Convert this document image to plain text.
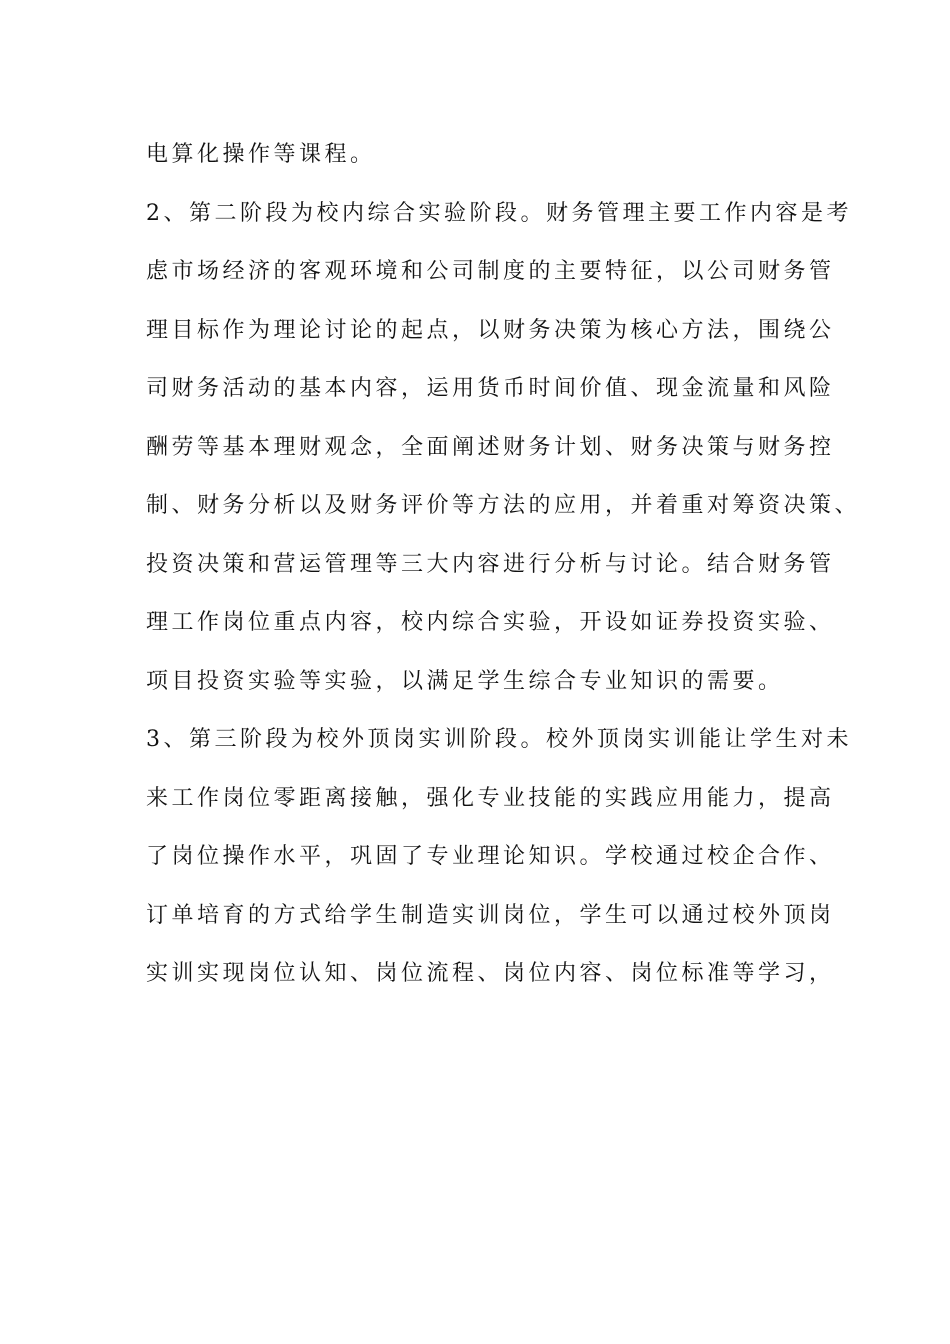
电算化操作等课程。
2、第二阶段为校内综合实验阶段。财务管理主要工作内容是考
虑市场经济的客观环境和公司制度的主要特征，以公司财务管
理目标作为理论讨论的起点，以财务决策为核心方法，围绕公
司财务活动的基本内容，运用货币时间价值、现金流量和风险
酬劳等基本理财观念，全面阐述财务计划、财务决策与财务控
制、财务分析以及财务评价等方法的应用，并着重对筹资决策、
投资决策和营运管理等三大内容进行分析与讨论。结合财务管
理工作岗位重点内容，校内综合实验，开设如证券投资实验、
项目投资实验等实验，以满足学生综合专业知识的需要。
3、第三阶段为校外顶岗实训阶段。校外顶岗实训能让学生对未
来工作岗位零距离接触，强化专业技能的实践应用能力，提高
了岗位操作水平，巩固了专业理论知识。学校通过校企合作、
订单培育的方式给学生制造实训岗位，学生可以通过校外顶岗
实训实现岗位认知、岗位流程、岗位内容、岗位标准等学习，
